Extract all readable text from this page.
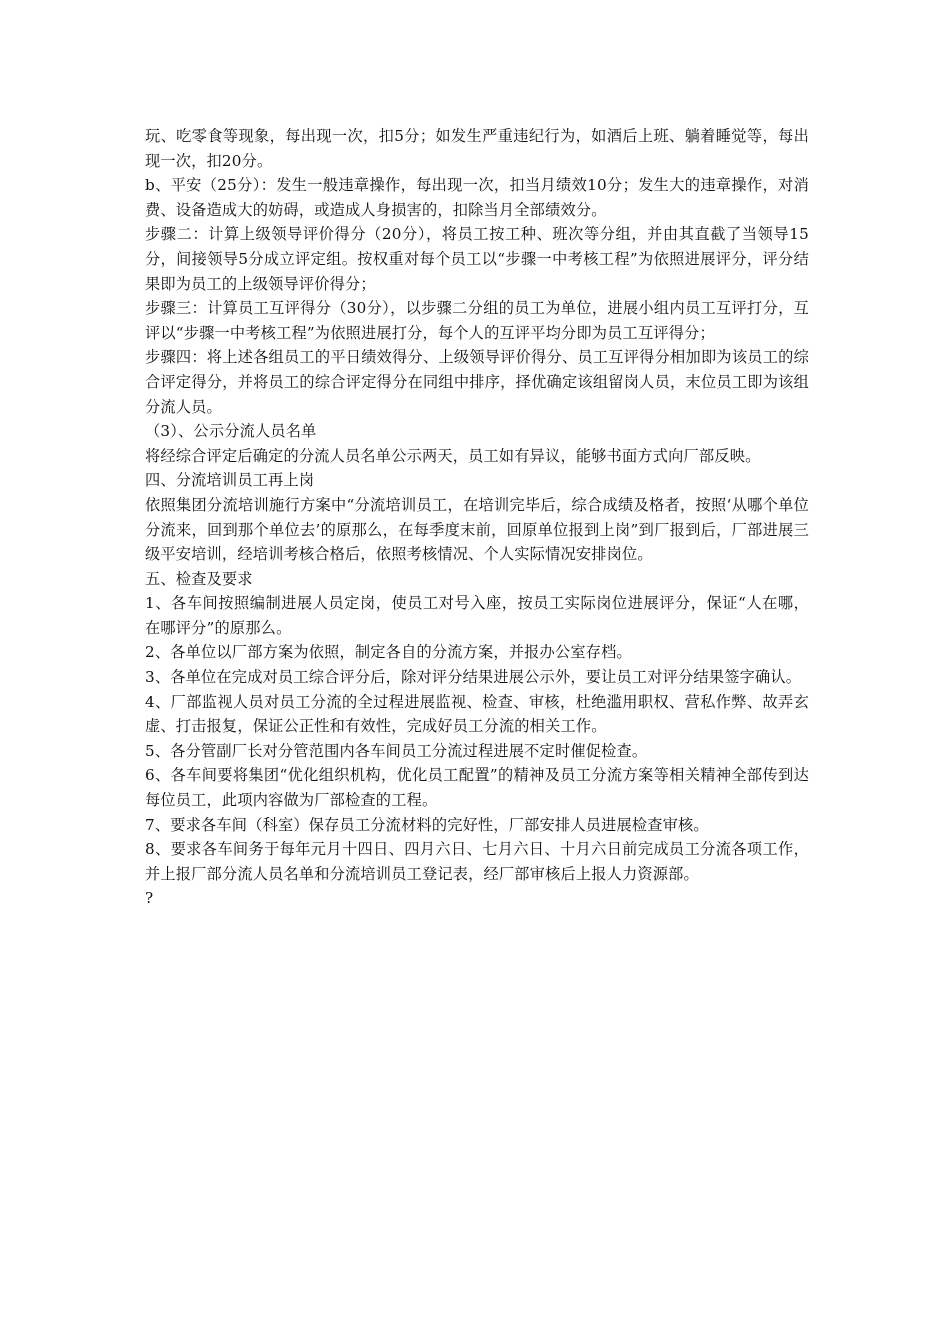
玩、吃零食等现象，每出现一次，扣5分；如发生严重违纪行为，如酒后上班、躺着睡觉等，每出现一次，扣20分。

b、平安（25分）：发生一般违章操作，每出现一次，扣当月绩效10分；发生大的违章操作，对消费、设备造成大的妨碍，或造成人身损害的，扣除当月全部绩效分。

步骤二：计算上级领导评价得分（20分），将员工按工种、班次等分组，并由其直截了当领导15分，间接领导5分成立评定组。按权重对每个员工以“步骤一中考核工程”为依照进展评分，评分结果即为员工的上级领导评价得分；

步骤三：计算员工互评得分（30分），以步骤二分组的员工为单位，进展小组内员工互评打分，互评以“步骤一中考核工程”为依照进展打分，每个人的互评平均分即为员工互评得分；

步骤四：将上述各组员工的平日绩效得分、上级领导评价得分、员工互评得分相加即为该员工的综合评定得分，并将员工的综合评定得分在同组中排序，择优确定该组留岗人员，末位员工即为该组分流人员。

（3）、公示分流人员名单

将经综合评定后确定的分流人员名单公示两天，员工如有异议，能够书面方式向厂部反映。

四、分流培训员工再上岗

依照集团分流培训施行方案中“分流培训员工，在培训完毕后，综合成绩及格者，按照‘从哪个单位分流来，回到那个单位去’的原那么，在每季度末前，回原单位报到上岗”到厂报到后，厂部进展三级平安培训，经培训考核合格后，依照考核情况、个人实际情况安排岗位。

五、检查及要求

1、各车间按照编制进展人员定岗，使员工对号入座，按员工实际岗位进展评分，保证“人在哪，在哪评分”的原那么。

2、各单位以厂部方案为依照，制定各自的分流方案，并报办公室存档。

3、各单位在完成对员工综合评分后，除对评分结果进展公示外，要让员工对评分结果签字确认。

4、厂部监视人员对员工分流的全过程进展监视、检查、审核，杜绝滥用职权、营私作弊、故弄玄虚、打击报复，保证公正性和有效性，完成好员工分流的相关工作。

5、各分管副厂长对分管范围内各车间员工分流过程进展不定时催促检查。

6、各车间要将集团“优化组织机构，优化员工配置”的精神及员工分流方案等相关精神全部传到达每位员工，此项内容做为厂部检查的工程。

7、要求各车间（科室）保存员工分流材料的完好性，厂部安排人员进展检查审核。

8、要求各车间务于每年元月十四日、四月六日、七月六日、十月六日前完成员工分流各项工作，并上报厂部分流人员名单和分流培训员工登记表，经厂部审核后上报人力资源部。

?
